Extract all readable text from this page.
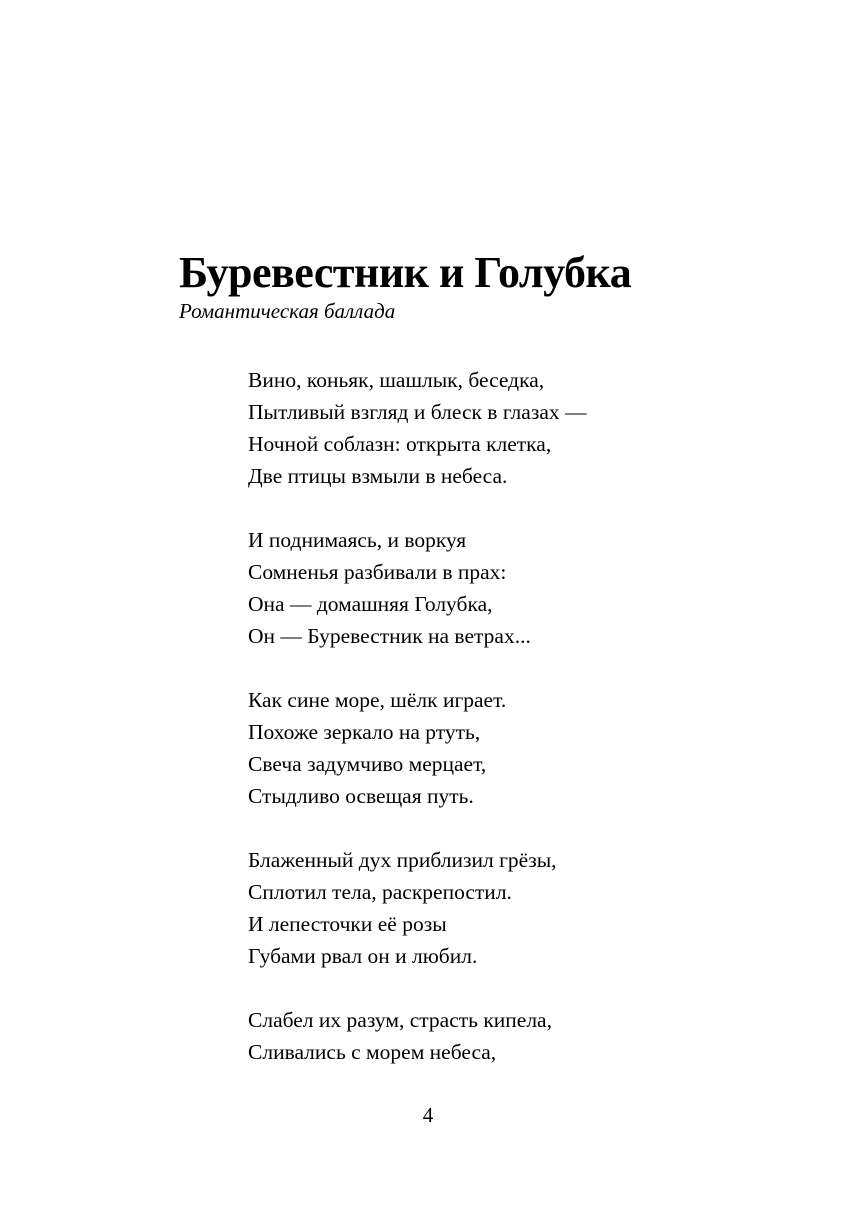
Буревестник и Голубка
Романтическая баллада
Вино, коньяк, шашлык, беседка,
Пытливый взгляд и блеск в глазах —
Ночной соблазн: открыта клетка,
Две птицы взмыли в небеса.
И поднимаясь, и воркуя
Сомненья разбивали в прах:
Она — домашняя Голубка,
Он — Буревестник на ветрах...
Как сине море, шёлк играет.
Похоже зеркало на ртуть,
Свеча задумчиво мерцает,
Стыдливо освещая путь.
Блаженный дух приблизил грёзы,
Сплотил тела, раскрепостил.
И лепесточки её розы
Губами рвал он и любил.
Слабел их разум, страсть кипела,
Сливались с морем небеса,
4
